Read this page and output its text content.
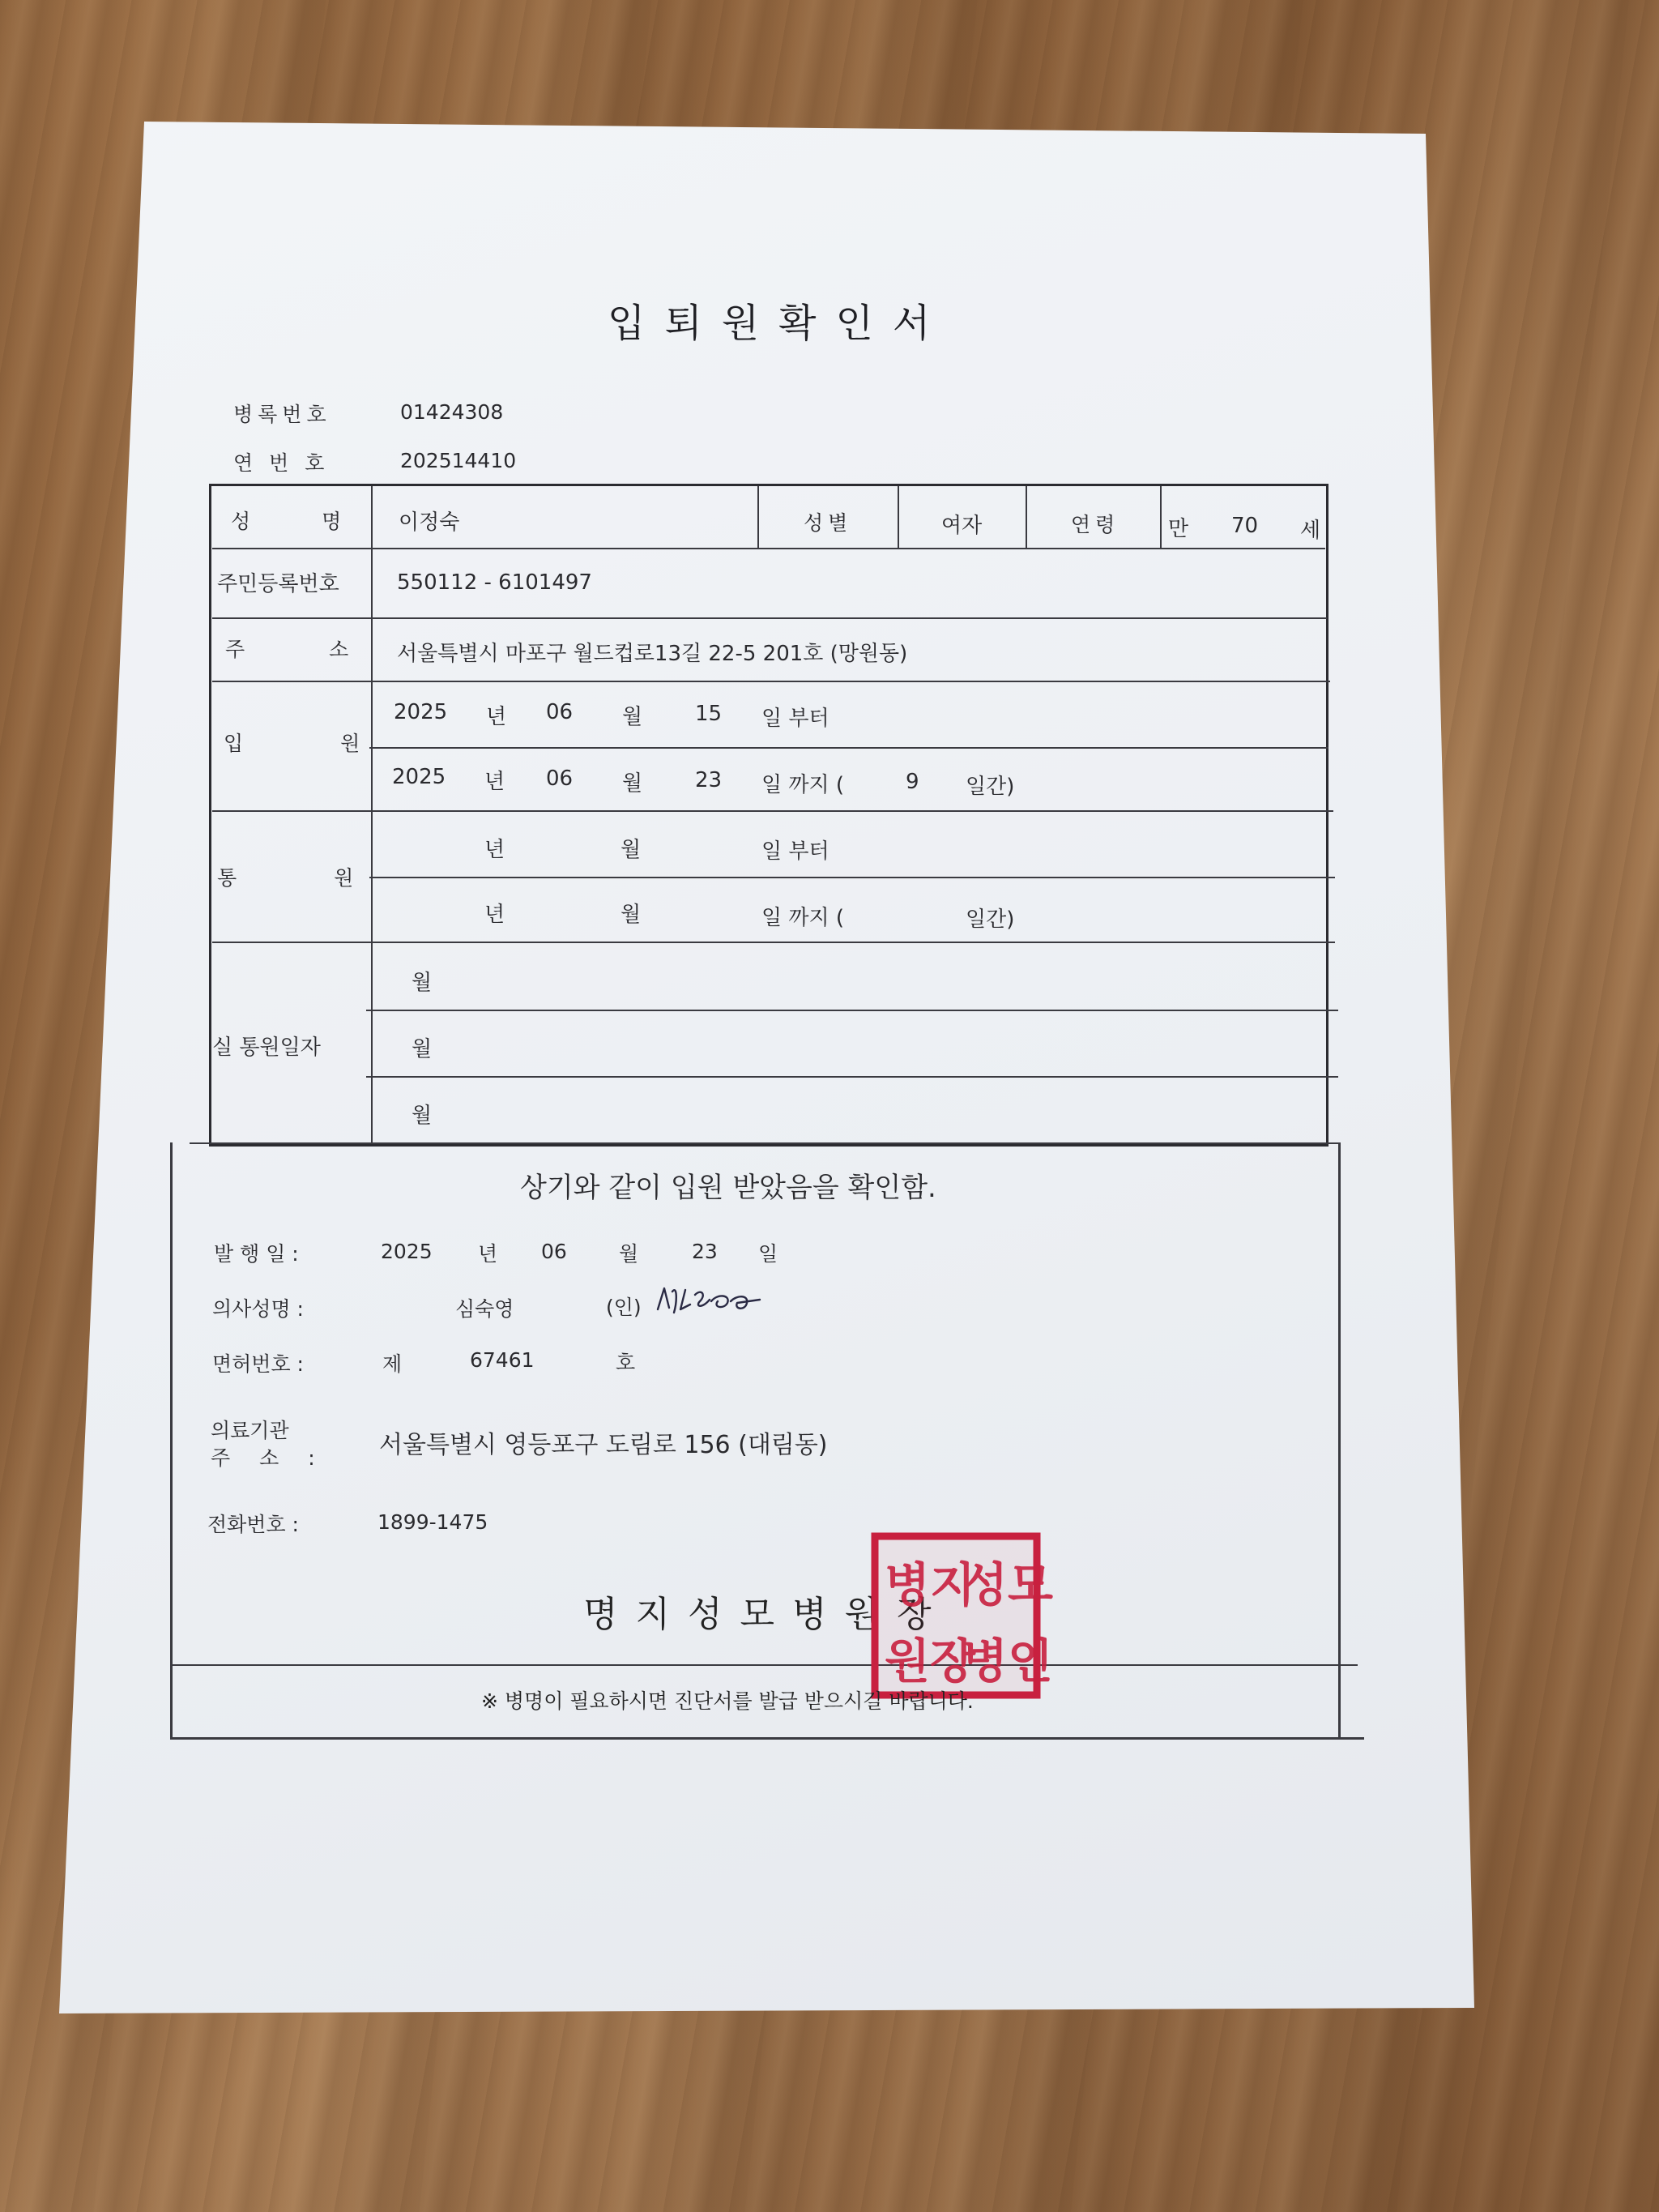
입퇴원확인서
병록번호	01424308
연 번 호	202514410
성 명 이정숙	성별	여자	연령 만 70 세
주민등록번호	550112 - 6101497
주 소 서울특별시 마포구 월드컵로13길 22-5 201호 (망원동)
입 원
2025 년 06 월 15 일 부터
2025 년 06 월 23 일 까지 (	9 일간)
통 원
년	월	일 부터
년	월	일 까지 (	일간)
실 통원일자
월
월
월
상기와 같이 입원 받았음을 확인함.
발 행 일 :	2025 년 06	월	23 일
의사성명 :	심숙영	(인)
면허번호 :	제	67461	호
의료기관
주 소 : 서울특별시 영등포구 도림로 156 (대림동)
전화번호 :	1899-1475
명지성모병원장
병지
성모
원장
병인
※ 병명이 필요하시면 진단서를 발급 받으시길 바랍니다.
